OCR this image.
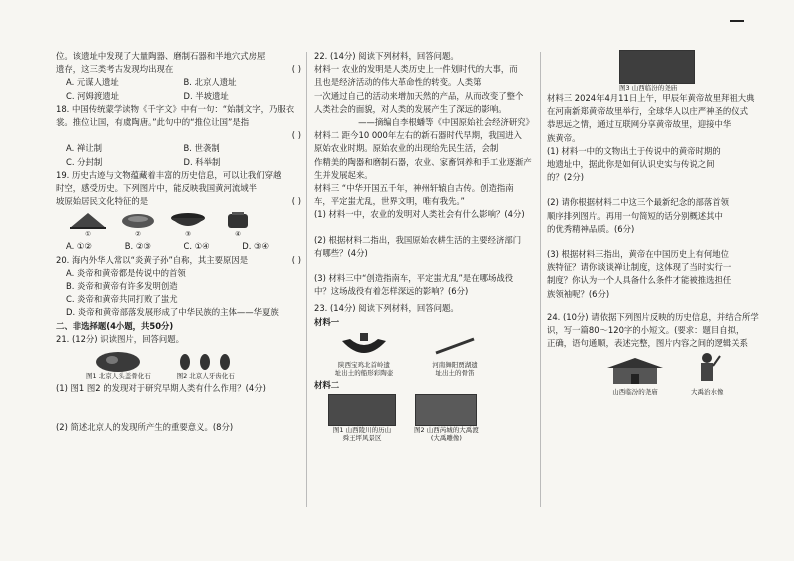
位。该遗址中发现了大量陶器、磨制石器和半地穴式房屋
遗存，这三类考古发现均出现在	( )
A. 元谋人遗址	B. 北京人遗址
C. 河姆渡遗址	D. 半坡遗址
18. 中国传统蒙学读物《千字文》中有一句：“始制文字，乃服衣
裳。推位让国，有虞陶唐。”此句中的“推位让国”是指
( )

A. 禅让制	B. 世袭制
C. 分封制	D. 科举制
19. 历史古迹与文物蕴藏着丰富的历史信息，可以让我们穿越
时空，感受历史。下列图片中，能反映我国黄河流域半
坡原始居民文化特征的是	( )
①	②	③	④
A. ①②	B. ②③	C. ①④	D. ③④
20. 海内外华人常以“炎黄子孙”自称，其主要原因是	( )
A. 炎帝和黄帝都是传说中的首领
B. 炎帝和黄帝有许多发明创造
C. 炎帝和黄帝共同打败了蚩尤
D. 炎帝和黄帝部落发展形成了中华民族的主体——华夏族
二、非选择题(4小题，共50分)
21. (12分) 识读图片，回答问题。
图1 北京人头盖骨化石	图2 北京人牙齿化石
(1) 图1 图2 的发现对于研究早期人类有什么作用？(4分)
(2) 简述北京人的发现所产生的重要意义。(8分)
22. (14分) 阅读下列材料，回答问题。
材料一 农业的发明是人类历史上一件划时代的大事，而
且也是经济活动的伟大革命性的转变。人类第
一次通过自己的活动来增加天然的产品，从而改变了整个
人类社会的面貌，对人类的发展产生了深远的影响。
——摘编自李根蟠等《中国原始社会经济研究》
材料二 距今10 000年左右的新石器时代早期，我国进入
原始农业时期。原始农业的出现给先民生活，会制
作精美的陶器和磨制石器，农业、家畜饲养和手工业逐渐产
生并发展起来。
材料三 “中华开国五千年，神州轩辕自古传。创造指南
车，平定蚩尤乱，世界文明，唯有我先。”
(1) 材料一中，农业的发明对人类社会有什么影响？(4分)
(2) 根据材料二指出，我国原始农耕生活的主要经济部门
有哪些？(4分)
(3) 材料三中“创造指南车，平定蚩尤乱”是在哪场战役
中？这场战役有着怎样深远的影响？(6分)
23. (14分) 阅读下列材料，回答问题。
材料一
陕西宝鸡北首岭遗
址出土的船形彩陶壶
河南舞阳贾湖遗
址出土的骨笛
材料二
图1 山西陵川的历山
舜王坪风景区
图2 山西芮城的大禹渡
(大禹雕像)
图3 山西临汾的尧庙
材料三 2024年4月11日上午，甲辰年黄帝故里拜祖大典
在河南新郑黄帝故里举行，全球华人以庄严神圣的仪式
恭思远之情，通过互联网分享黄帝故里，迎接中华
族黄帝。
(1) 材料一中的文物出土于传说中的黄帝时期的
地遗址中，据此你是如何认识史实与传说之间
的？(2分)
(2) 请你根据材料二中这三个最新纪念的部落首领
顺序排列图片。再用一句简短的话分别概述其中
的优秀精神品质。(6分)
(3) 根据材料三指出，黄帝在中国历史上有何地位
族特征？请你谈谈禅让制度，这体现了当时实行一
制度？你认为一个人具备什么条件才能被推选担任
族领袖呢？(6分)
24. (10分) 请依据下列图片反映的历史信息，并结合所学
识，写一篇80～120字的小短文。(要求：题目自拟，
正确，语句通顺，表述完整，图片内容之间的逻辑关系
山西临汾的尧庙	大禹治水像
